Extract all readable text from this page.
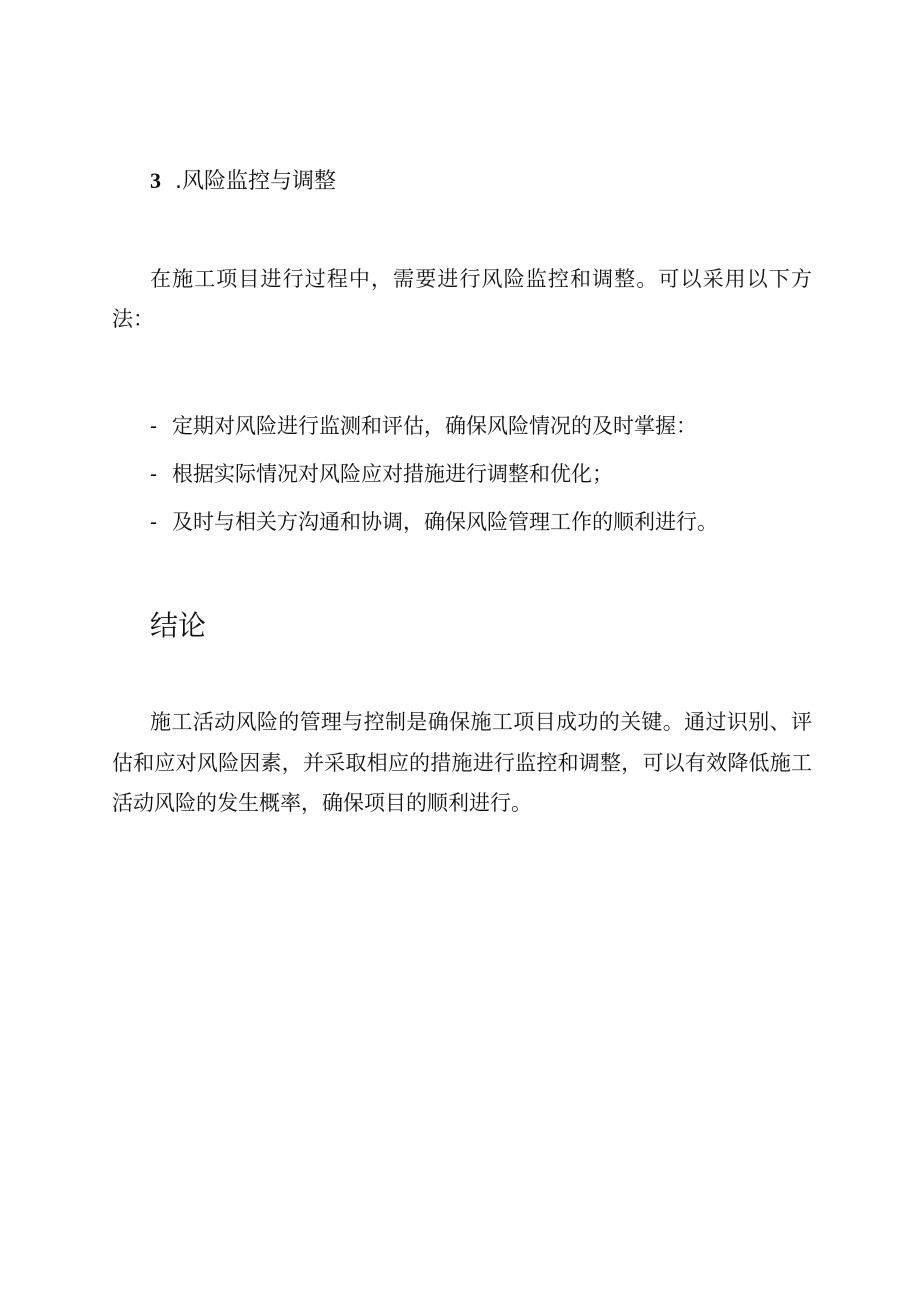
3 .风险监控与调整

在施工项目进行过程中，需要进行风险监控和调整。可以采用以下方法：

- 定期对风险进行监测和评估，确保风险情况的及时掌握：
- 根据实际情况对风险应对措施进行调整和优化；
- 及时与相关方沟通和协调，确保风险管理工作的顺利进行。
结论

施工活动风险的管理与控制是确保施工项目成功的关键。通过识别、评估和应对风险因素，并采取相应的措施进行监控和调整，可以有效降低施工活动风险的发生概率，确保项目的顺利进行。
